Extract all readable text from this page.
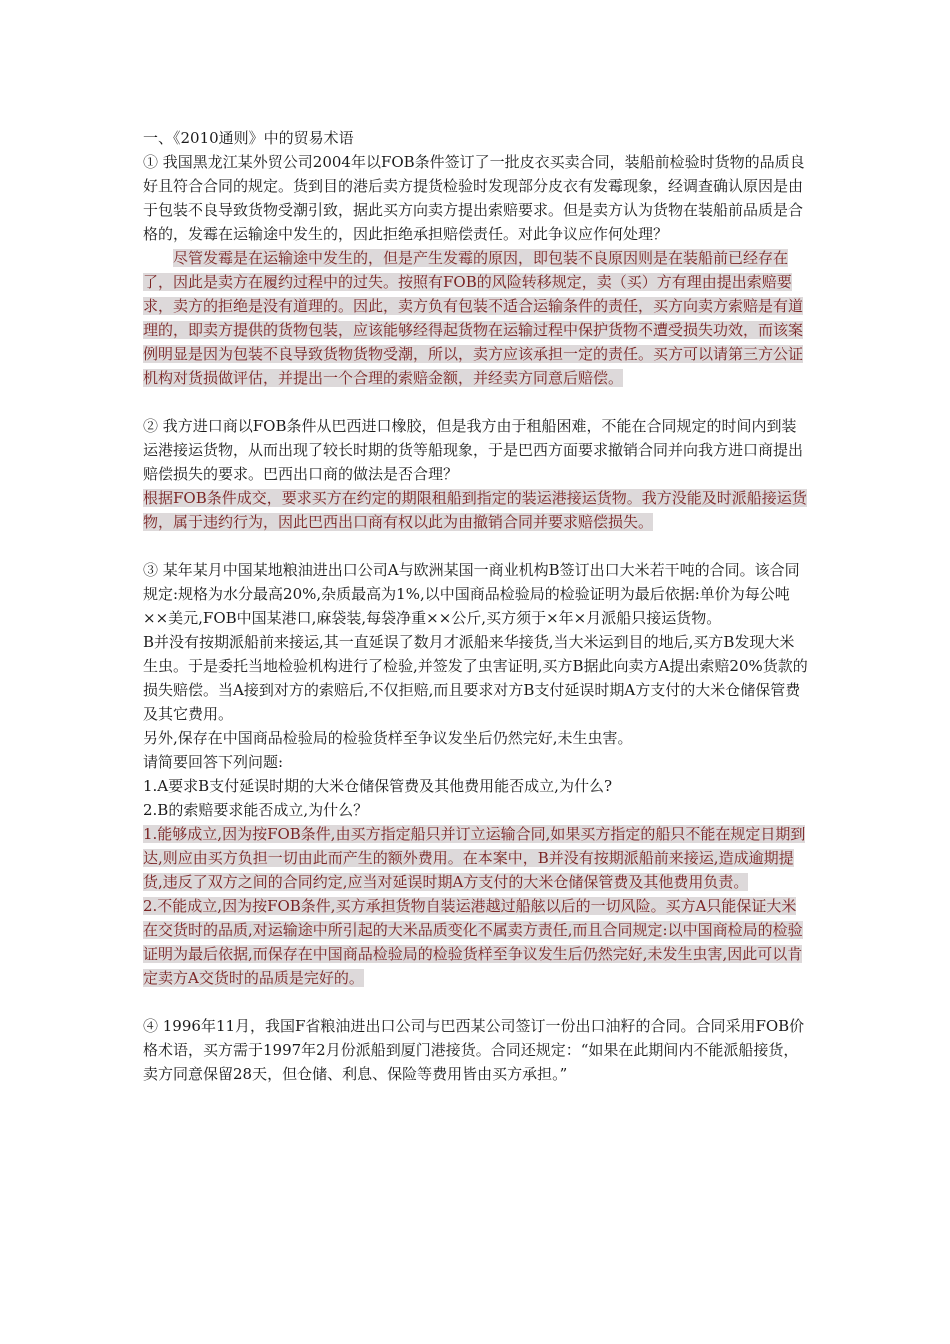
一、《2010通则》中的贸易术语

① 我国黑龙江某外贸公司2004年以FOB条件签订了一批皮衣买卖合同，装船前检验时货物的品质良好且符合合同的规定。货到目的港后卖方提货检验时发现部分皮衣有发霉现象，经调查确认原因是由于包装不良导致货物受潮引致，据此买方向卖方提出索赔要求。但是卖方认为货物在装船前品质是合格的，发霉在运输途中发生的，因此拒绝承担赔偿责任。对此争议应作何处理？

尽管发霉是在运输途中发生的，但是产生发霉的原因，即包装不良原因则是在装船前已经存在了，因此是卖方在履约过程中的过失。按照有FOB的风险转移规定，卖（买）方有理由提出索赔要求，卖方的拒绝是没有道理的。因此，卖方负有包装不适合运输条件的责任，买方向卖方索赔是有道理的，即卖方提供的货物包装，应该能够经得起货物在运输过程中保护货物不遭受损失功效，而该案例明显是因为包装不良导致货物货物受潮，所以，卖方应该承担一定的责任。买方可以请第三方公证机构对货损做评估，并提出一个合理的索赔金额，并经卖方同意后赔偿。

② 我方进口商以FOB条件从巴西进口橡胶，但是我方由于租船困难，不能在合同规定的时间内到装运港接运货物，从而出现了较长时期的货等船现象，于是巴西方面要求撤销合同并向我方进口商提出赔偿损失的要求。巴西出口商的做法是否合理？

根据FOB条件成交，要求买方在约定的期限租船到指定的装运港接运货物。我方没能及时派船接运货物，属于违约行为，因此巴西出口商有权以此为由撤销合同并要求赔偿损失。

③ 某年某月中国某地粮油进出口公司A与欧洲某国一商业机构B签订出口大米若干吨的合同。该合同规定:规格为水分最高20%,杂质最高为1%,以中国商品检验局的检验证明为最后依据:单价为每公吨××美元,FOB中国某港口,麻袋装,每袋净重××公斤,买方须于×年×月派船只接运货物。

B并没有按期派船前来接运,其一直延误了数月才派船来华接货,当大米运到目的地后,买方B发现大米生虫。于是委托当地检验机构进行了检验,并签发了虫害证明,买方B据此向卖方A提出索赔20%货款的损失赔偿。当A接到对方的索赔后,不仅拒赔,而且要求对方B支付延误时期A方支付的大米仓储保管费及其它费用。

另外,保存在中国商品检验局的检验货样至争议发坐后仍然完好,未生虫害。

请简要回答下列问题:

1.A要求B支付延误时期的大米仓储保管费及其他费用能否成立,为什么?

2.B的索赔要求能否成立,为什么？

1.能够成立,因为按FOB条件,由买方指定船只并订立运输合同,如果买方指定的船只不能在规定日期到达,则应由买方负担一切由此而产生的额外费用。在本案中，B并没有按期派船前来接运,造成逾期提货,违反了双方之间的合同约定,应当对延误时期A方支付的大米仓储保管费及其他费用负责。

2.不能成立,因为按FOB条件,买方承担货物自装运港越过船舷以后的一切风险。买方A只能保证大米在交货时的品质,对运输途中所引起的大米品质变化不属卖方责任,而且合同规定:以中国商检局的检验证明为最后依据,而保存在中国商品检验局的检验货样至争议发生后仍然完好,未发生虫害,因此可以肯定卖方A交货时的品质是完好的。

④ 1996年11月，我国F省粮油进出口公司与巴西某公司签订一份出口油籽的合同。合同采用FOB价格术语，买方需于1997年2月份派船到厦门港接货。合同还规定：“如果在此期间内不能派船接货，卖方同意保留28天，但仓储、利息、保险等费用皆由买方承担。”
